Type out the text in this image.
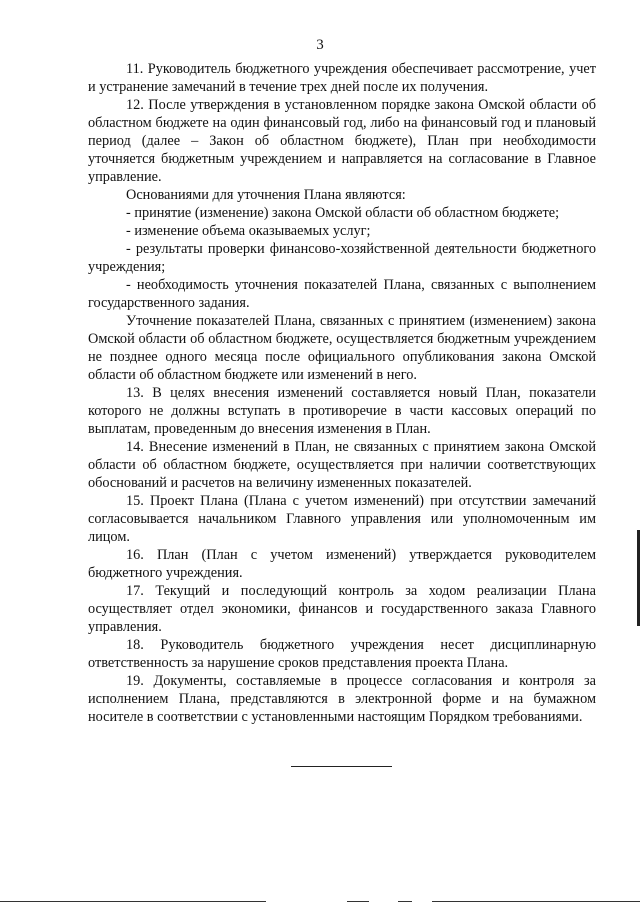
3

11. Руководитель бюджетного учреждения обеспечивает рассмотрение, учет и устранение замечаний в течение трех дней после их получения.

12. После утверждения в установленном порядке закона Омской области об областном бюджете на один финансовый год, либо на финансовый год и плановый период (далее – Закон об областном бюджете), План при необходимости уточняется бюджетным учреждением и направляется на согласование в Главное управление.

Основаниями для уточнения Плана являются:

- принятие (изменение) закона Омской области об областном бюджете;

- изменение объема оказываемых услуг;

- результаты проверки финансово-хозяйственной деятельности бюджетного учреждения;

- необходимость уточнения показателей Плана, связанных с выполнением государственного задания.

Уточнение показателей Плана, связанных с принятием (изменением) закона Омской области об областном бюджете, осуществляется бюджетным учреждением не позднее одного месяца после официального опубликования закона Омской области об областном бюджете или изменений в него.

13. В целях внесения изменений составляется новый План, показатели которого не должны вступать в противоречие в части кассовых операций по выплатам, проведенным до внесения изменения в План.

14. Внесение изменений в План, не связанных с принятием закона Омской области об областном бюджете, осуществляется при наличии соответствующих обоснований и расчетов на величину измененных показателей.

15. Проект Плана (Плана с учетом изменений) при отсутствии замечаний согласовывается начальником Главного управления или уполномоченным им лицом.

16. План (План с учетом изменений) утверждается руководителем бюджетного учреждения.

17. Текущий и последующий контроль за ходом реализации Плана осуществляет отдел экономики, финансов и государственного заказа Главного управления.

18. Руководитель бюджетного учреждения несет дисциплинарную ответственность за нарушение сроков представления проекта Плана.

19. Документы, составляемые в процессе согласования и контроля за исполнением Плана, представляются в электронной форме и на бумажном носителе в соответствии с установленными настоящим Порядком требованиями.
